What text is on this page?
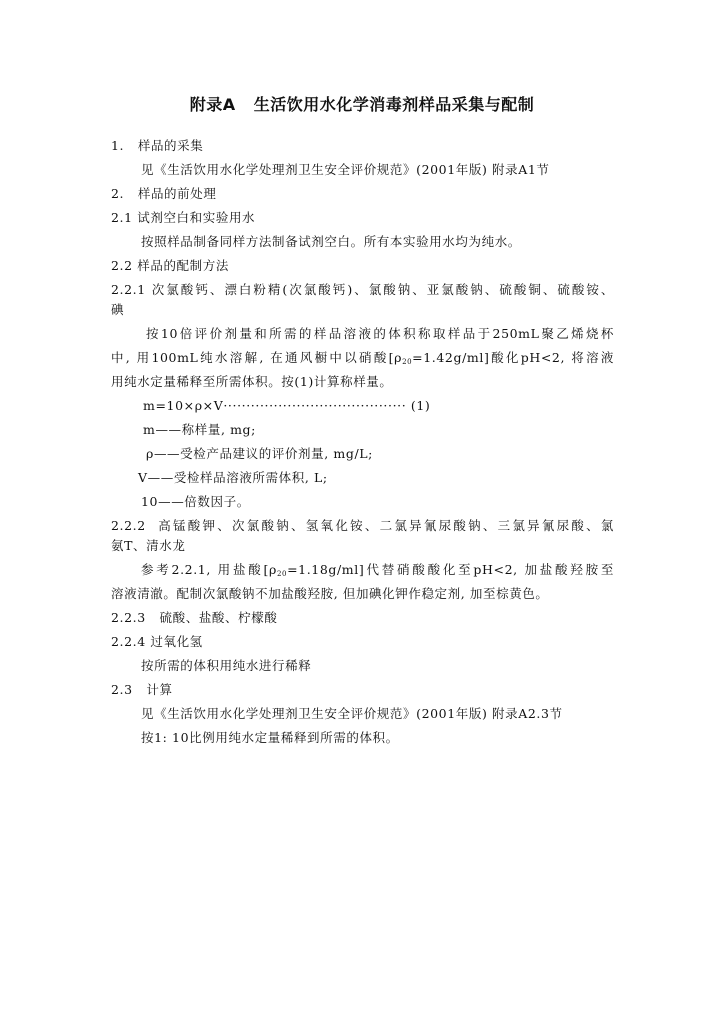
附录A   生活饮用水化学消毒剂样品采集与配制
1.   样品的采集
见《生活饮用水化学处理剂卫生安全评价规范》(2001年版) 附录A1节
2.   样品的前处理
2.1 试剂空白和实验用水
按照样品制备同样方法制备试剂空白。所有本实验用水均为纯水。
2.2 样品的配制方法
2.2.1 次氯酸钙、漂白粉精(次氯酸钙)、氯酸钠、亚氯酸钠、硫酸铜、硫酸铵、
碘
按10倍评价剂量和所需的样品溶液的体积称取样品于250mL聚乙烯烧杯
中, 用100mL纯水溶解, 在通风橱中以硝酸$[\rho_{20}=1.42g/ml]$酸化pH<2, 将溶液
用纯水定量稀释至所需体积。按(1)计算称样量。
m=10×ρ×V········································ (1)
m——称样量, mg;
ρ——受检产品建议的评价剂量, mg/L;
V——受检样品溶液所需体积, L;
10——倍数因子。
2.2.2  高锰酸钾、次氯酸钠、氢氧化铵、二氯异氰尿酸钠、三氯异氰尿酸、氯
氨T、清水龙
参考2.2.1, 用盐酸$[\rho_{20}=1.18g/ml]$代替硝酸酸化至pH<2, 加盐酸羟胺至
溶液清澈。配制次氯酸钠不加盐酸羟胺, 但加碘化钾作稳定剂, 加至棕黄色。
2.2.3   硫酸、盐酸、柠檬酸
2.2.4 过氧化氢
按所需的体积用纯水进行稀释
2.3   计算
见《生活饮用水化学处理剂卫生安全评价规范》(2001年版) 附录A2.3节
按1: 10比例用纯水定量稀释到所需的体积。
